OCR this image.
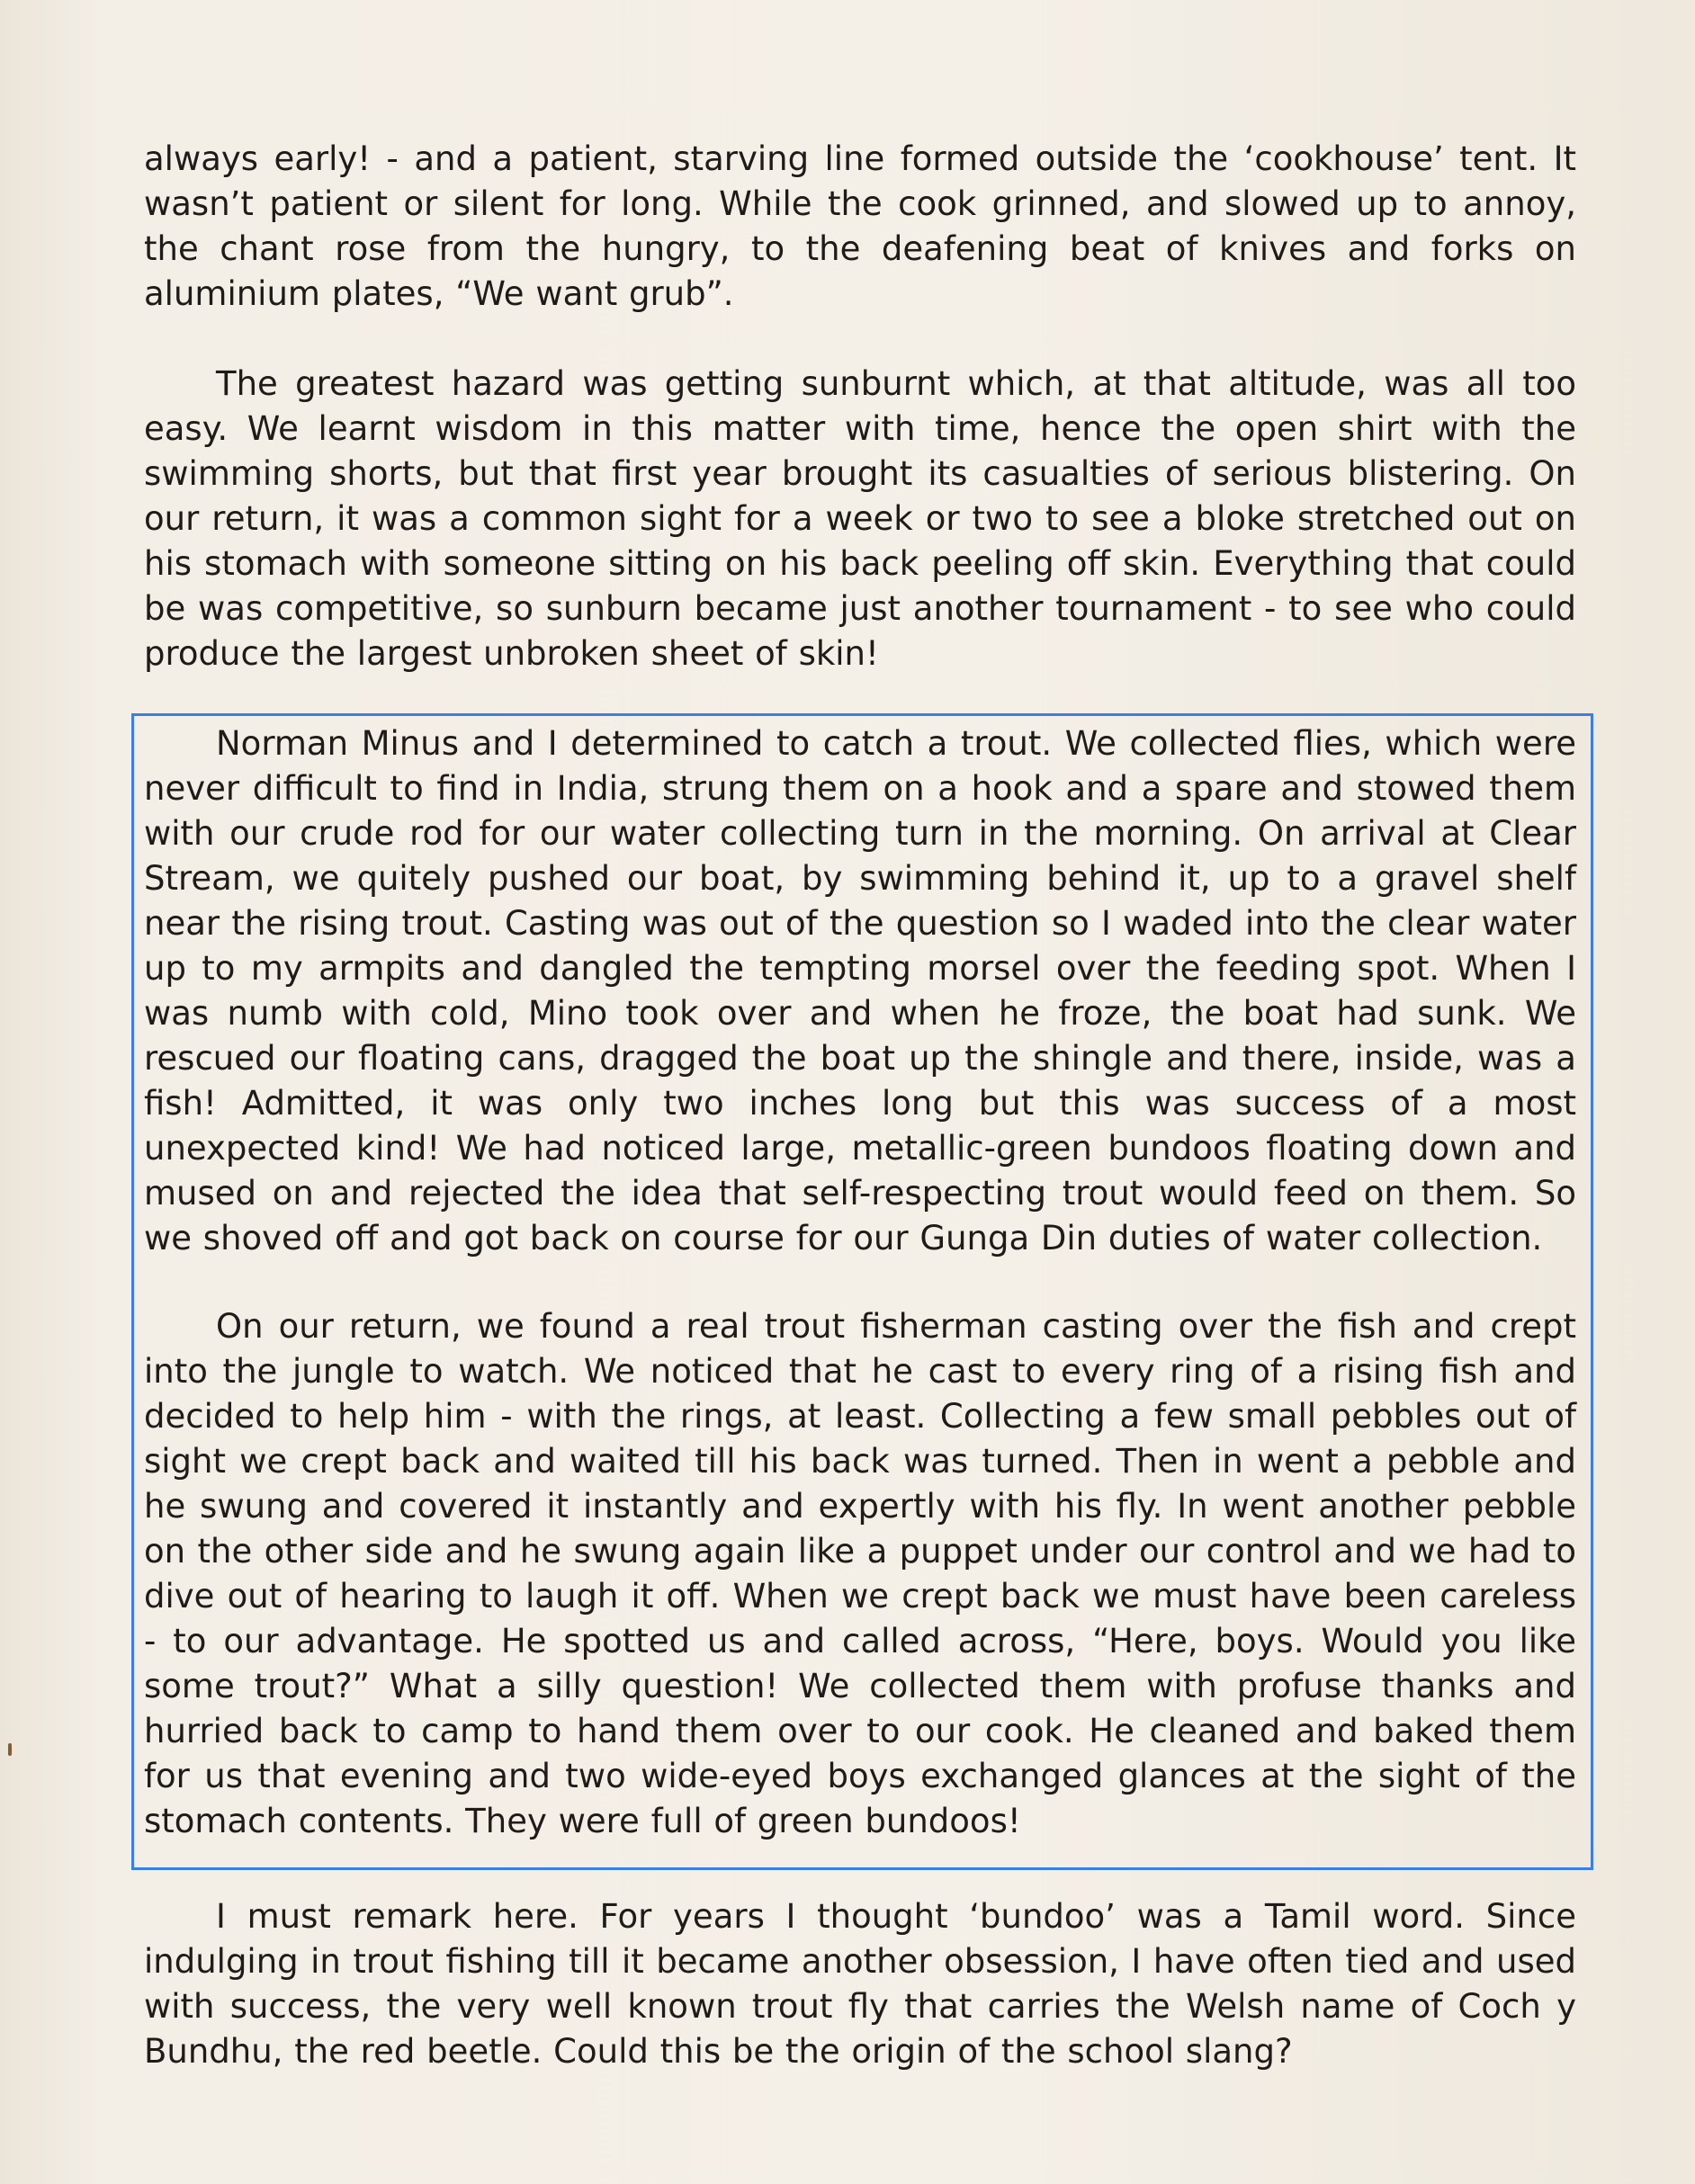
always early! - and a patient, starving line formed outside the ‘cookhouse’ tent. It wasn’t patient or silent for long. While the cook grinned, and slowed up to annoy, the chant rose from the hungry, to the deafening beat of knives and forks on aluminium plates, “We want grub”.

The greatest hazard was getting sunburnt which, at that altitude, was all too easy. We learnt wisdom in this matter with time, hence the open shirt with the swimming shorts, but that first year brought its casualties of serious blistering. On our return, it was a common sight for a week or two to see a bloke stretched out on his stomach with someone sitting on his back peeling off skin. Everything that could be was competitive, so sunburn became just another tournament - to see who could produce the largest unbroken sheet of skin!

Norman Minus and I determined to catch a trout. We collected flies, which were never difficult to find in India, strung them on a hook and a spare and stowed them with our crude rod for our water collecting turn in the morning. On arrival at Clear Stream, we quitely pushed our boat, by swimming behind it, up to a gravel shelf near the rising trout. Casting was out of the question so I waded into the clear water up to my armpits and dangled the tempting morsel over the feeding spot. When I was numb with cold, Mino took over and when he froze, the boat had sunk. We rescued our floating cans, dragged the boat up the shingle and there, inside, was a fish! Admitted, it was only two inches long but this was success of a most unexpected kind! We had noticed large, metallic-green bundoos floating down and mused on and rejected the idea that self-respecting trout would feed on them. So we shoved off and got back on course for our Gunga Din duties of water collection.

On our return, we found a real trout fisherman casting over the fish and crept into the jungle to watch. We noticed that he cast to every ring of a rising fish and decided to help him - with the rings, at least. Collecting a few small pebbles out of sight we crept back and waited till his back was turned. Then in went a pebble and he swung and covered it instantly and expertly with his fly. In went another pebble on the other side and he swung again like a puppet under our control and we had to dive out of hearing to laugh it off. When we crept back we must have been careless - to our advantage. He spotted us and called across, “Here, boys. Would you like some trout?” What a silly question! We collected them with profuse thanks and hurried back to camp to hand them over to our cook. He cleaned and baked them for us that evening and two wide-eyed boys exchanged glances at the sight of the stomach contents. They were full of green bundoos!

I must remark here. For years I thought ‘bundoo’ was a Tamil word. Since indulging in trout fishing till it became another obsession, I have often tied and used with success, the very well known trout fly that carries the Welsh name of Coch y Bundhu, the red beetle. Could this be the origin of the school slang?
